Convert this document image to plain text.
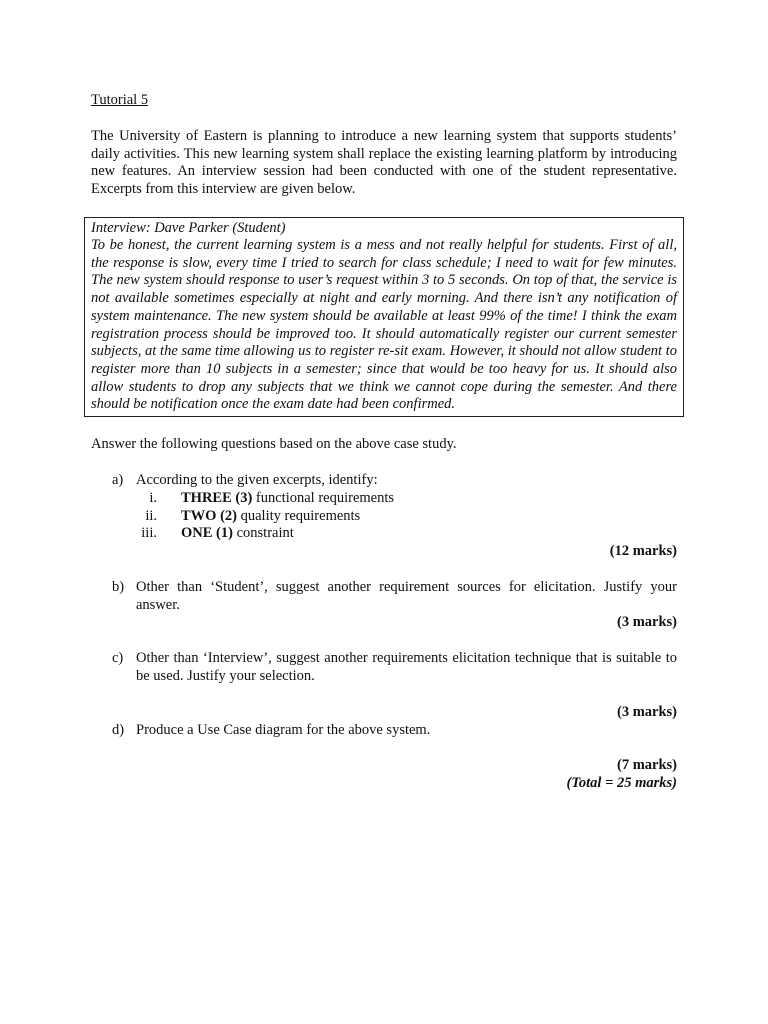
Tutorial 5
The University of Eastern is planning to introduce a new learning system that supports students’ daily activities. This new learning system shall replace the existing learning platform by introducing new features. An interview session had been conducted with one of the student representative. Excerpts from this interview are given below.
Interview: Dave Parker (Student)
To be honest, the current learning system is a mess and not really helpful for students. First of all, the response is slow, every time I tried to search for class schedule; I need to wait for few minutes. The new system should response to user’s request within 3 to 5 seconds. On top of that, the service is not available sometimes especially at night and early morning. And there isn’t any notification of system maintenance. The new system should be available at least 99% of the time! I think the exam registration process should be improved too. It should automatically register our current semester subjects, at the same time allowing us to register re-sit exam. However, it should not allow student to register more than 10 subjects in a semester; since that would be too heavy for us. It should also allow students to drop any subjects that we think we cannot cope during the semester. And there should be notification once the exam date had been confirmed.
Answer the following questions based on the above case study.
a) According to the given excerpts, identify:
i. THREE (3) functional requirements
ii. TWO (2) quality requirements
iii. ONE (1) constraint
(12 marks)
b) Other than ‘Student’, suggest another requirement sources for elicitation. Justify your answer.
(3 marks)
c) Other than ‘Interview’, suggest another requirements elicitation technique that is suitable to be used. Justify your selection.
(3 marks)
d) Produce a Use Case diagram for the above system.
(7 marks)
(Total = 25 marks)
